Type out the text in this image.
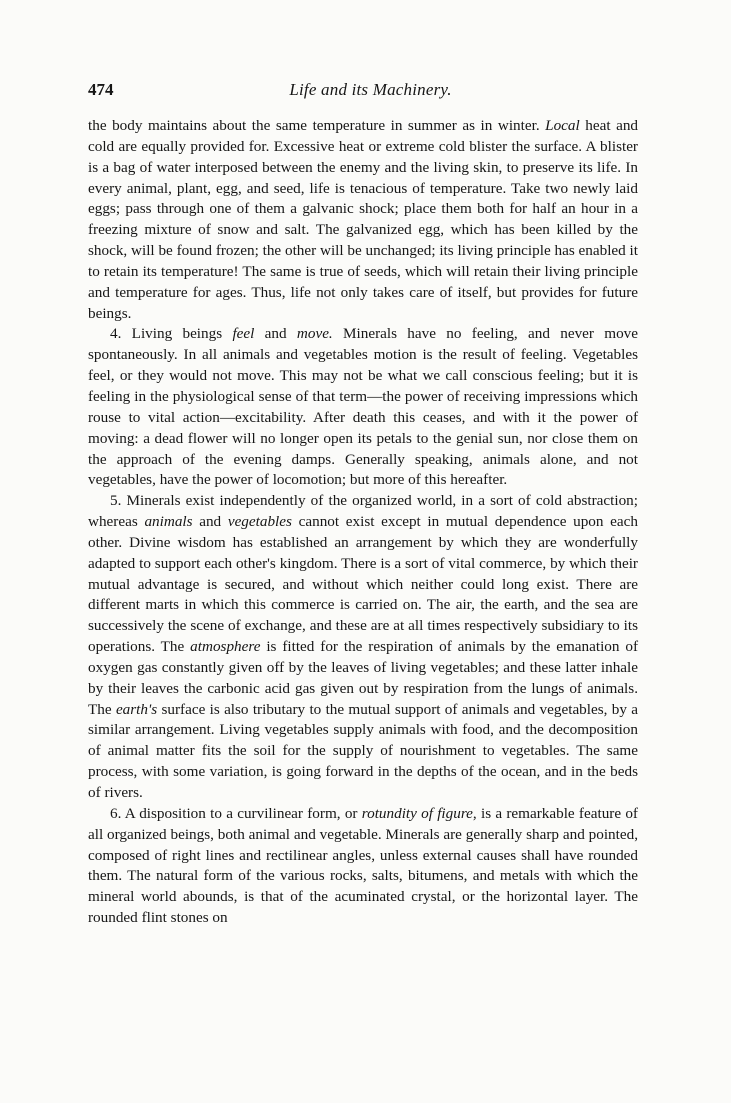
474	Life and its Machinery.

the body maintains about the same temperature in summer as in winter. Local heat and cold are equally provided for. Excessive heat or extreme cold blister the surface. A blister is a bag of water interposed between the enemy and the living skin, to preserve its life. In every animal, plant, egg, and seed, life is tenacious of temperature. Take two newly laid eggs; pass through one of them a galvanic shock; place them both for half an hour in a freezing mixture of snow and salt. The galvanized egg, which has been killed by the shock, will be found frozen; the other will be unchanged; its living principle has enabled it to retain its temperature! The same is true of seeds, which will retain their living principle and temperature for ages. Thus, life not only takes care of itself, but provides for future beings.

4. Living beings feel and move. Minerals have no feeling, and never move spontaneously. In all animals and vegetables motion is the result of feeling. Vegetables feel, or they would not move. This may not be what we call conscious feeling; but it is feeling in the physiological sense of that term—the power of receiving impressions which rouse to vital action—excitability. After death this ceases, and with it the power of moving: a dead flower will no longer open its petals to the genial sun, nor close them on the approach of the evening damps. Generally speaking, animals alone, and not vegetables, have the power of locomotion; but more of this hereafter.

5. Minerals exist independently of the organized world, in a sort of cold abstraction; whereas animals and vegetables cannot exist except in mutual dependence upon each other. Divine wisdom has established an arrangement by which they are wonderfully adapted to support each other's kingdom. There is a sort of vital commerce, by which their mutual advantage is secured, and without which neither could long exist. There are different marts in which this commerce is carried on. The air, the earth, and the sea are successively the scene of exchange, and these are at all times respectively subsidiary to its operations. The atmosphere is fitted for the respiration of animals by the emanation of oxygen gas constantly given off by the leaves of living vegetables; and these latter inhale by their leaves the carbonic acid gas given out by respiration from the lungs of animals. The earth's surface is also tributary to the mutual support of animals and vegetables, by a similar arrangement. Living vegetables supply animals with food, and the decomposition of animal matter fits the soil for the supply of nourishment to vegetables. The same process, with some variation, is going forward in the depths of the ocean, and in the beds of rivers.

6. A disposition to a curvilinear form, or rotundity of figure, is a remarkable feature of all organized beings, both animal and vegetable. Minerals are generally sharp and pointed, composed of right lines and rectilinear angles, unless external causes shall have rounded them. The natural form of the various rocks, salts, bitumens, and metals with which the mineral world abounds, is that of the acuminated crystal, or the horizontal layer. The rounded flint stones on
